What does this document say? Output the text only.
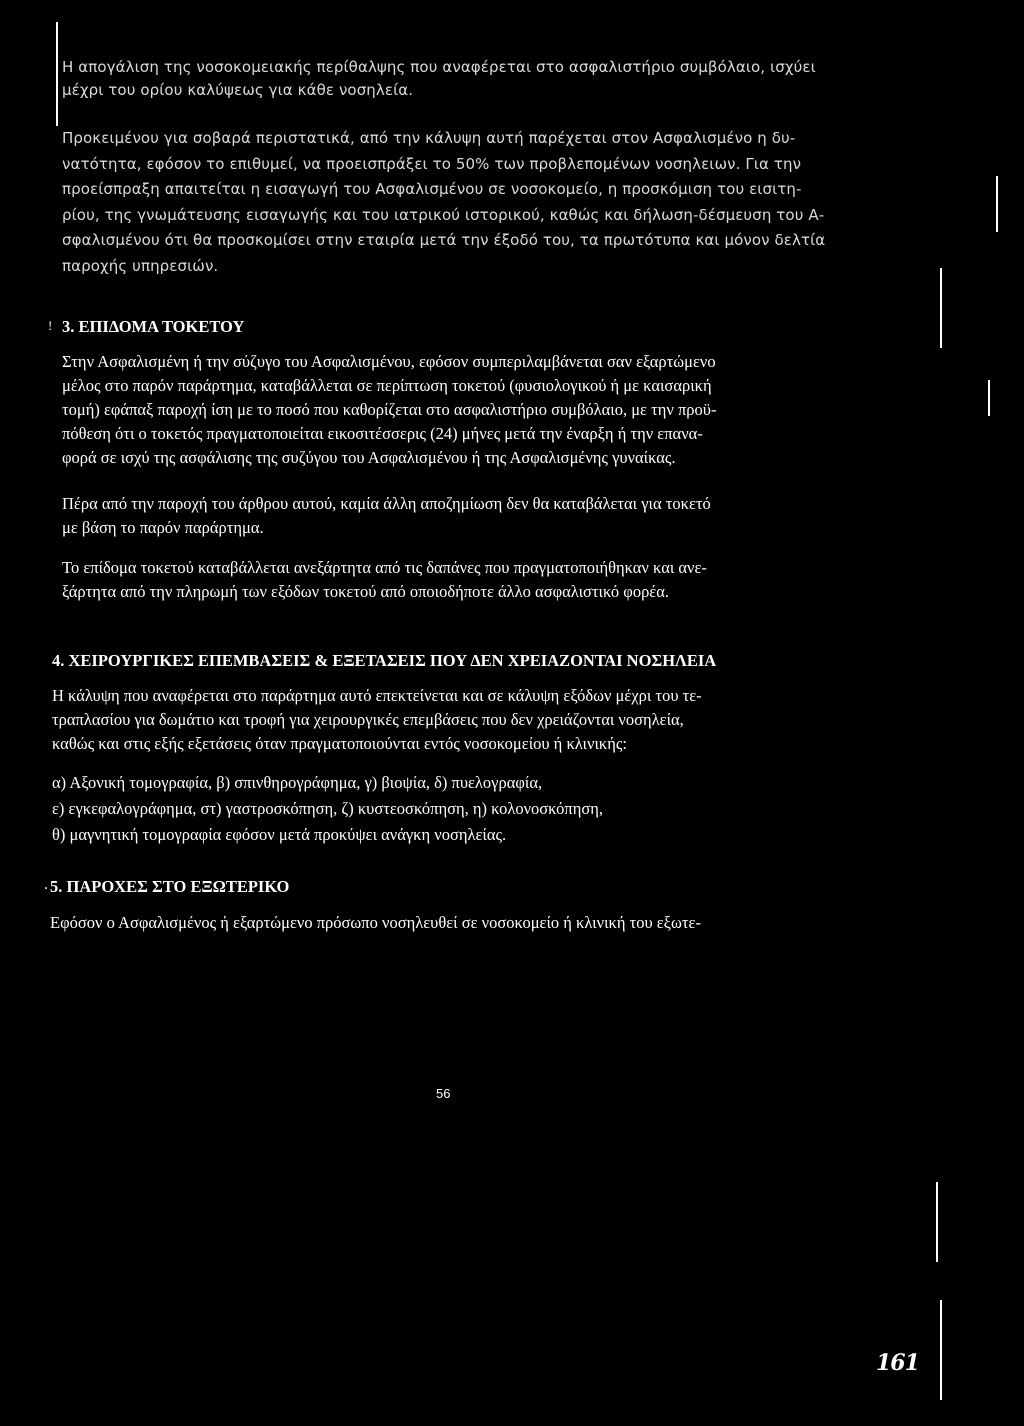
Η απογάλιση της νοσοκομειακής περίθαλψης που αναφέρεται στο ασφαλιστήριο συμβόλαιο, ισχύει
μέχρι του ορίου καλύψεως για κάθε νοσηλεία.

Προκειμένου για σοβαρά περιστατικά, από την κάλυψη αυτή παρέχεται στον Ασφαλισμένο η δυ-
νατότητα, εφόσον το επιθυμεί, να προεισπράξει το 50% των προβλεπομένων νοσηλειων. Για την
προείσπραξη απαιτείται η εισαγωγή του Ασφαλισμένου σε νοσοκομείο, η προσκόμιση του εισιτη-
ρίου, της γνωμάτευσης εισαγωγής και του ιατρικού ιστορικού, καθώς και δήλωση-δέσμευση του Α-
σφαλισμένου ότι θα προσκομίσει στην εταιρία μετά την έξοδό του, τα πρωτότυπα και μόνον δελτία
παροχής υπηρεσιών.

! 3. ΕΠΙΔΟΜΑ ΤΟΚΕΤΟΥ

Στην Ασφαλισμένη ή την σύζυγο του Ασφαλισμένου, εφόσον συμπεριλαμβάνεται σαν εξαρτώμενο
μέλος στο παρόν παράρτημα, καταβάλλεται σε περίπτωση τοκετού (φυσιολογικού ή με καισαρική
τομή) εφάπαξ παροχή ίση με το ποσό που καθορίζεται στο ασφαλιστήριο συμβόλαιο, με την προϋ-
πόθεση ότι ο τοκετός πραγματοποιείται εικοσιτέσσερις (24) μήνες μετά την έναρξη ή την επανα-
φορά σε ισχύ της ασφάλισης της συζύγου του Ασφαλισμένου ή της Ασφαλισμένης γυναίκας.

Πέρα από την παροχή του άρθρου αυτού, καμία άλλη αποζημίωση δεν θα καταβάλεται για τοκετό
με βάση το παρόν παράρτημα.

Το επίδομα τοκετού καταβάλλεται ανεξάρτητα από τις δαπάνες που πραγματοποιήθηκαν και ανε-
ξάρτητα από την πληρωμή των εξόδων τοκετού από οποιοδήποτε άλλο ασφαλιστικό φορέα.

4. ΧΕΙΡΟΥΡΓΙΚΕΣ ΕΠΕΜΒΑΣΕΙΣ & ΕΞΕΤΑΣΕΙΣ ΠΟΥ ΔΕΝ ΧΡΕΙΑΖΟΝΤΑΙ ΝΟΣΗΛΕΙΑ

Η κάλυψη που αναφέρεται στο παράρτημα αυτό επεκτείνεται και σε κάλυψη εξόδων μέχρι του τε-
τραπλασίου για δωμάτιο και τροφή για χειρουργικές επεμβάσεις που δεν χρειάζονται νοσηλεία,
καθώς και στις εξής εξετάσεις όταν πραγματοποιούνται εντός νοσοκομείου ή κλινικής:

α) Αξονική τομογραφία, β) σπινθηρογράφημα, γ) βιοψία, δ) πυελογραφία,
ε) εγκεφαλογράφημα, στ) γαστροσκόπηση, ζ) κυστεοσκόπηση, η) κολονοσκόπηση,
θ) μαγνητική τομογραφία εφόσον μετά προκύψει ανάγκη νοσηλείας.

. 5. ΠΑΡΟΧΕΣ ΣΤΟ ΕΞΩΤΕΡΙΚΟ

Εφόσον ο Ασφαλισμένος ή εξαρτώμενο πρόσωπο νοσηλευθεί σε νοσοκομείο ή κλινική του εξωτε-

56
161
